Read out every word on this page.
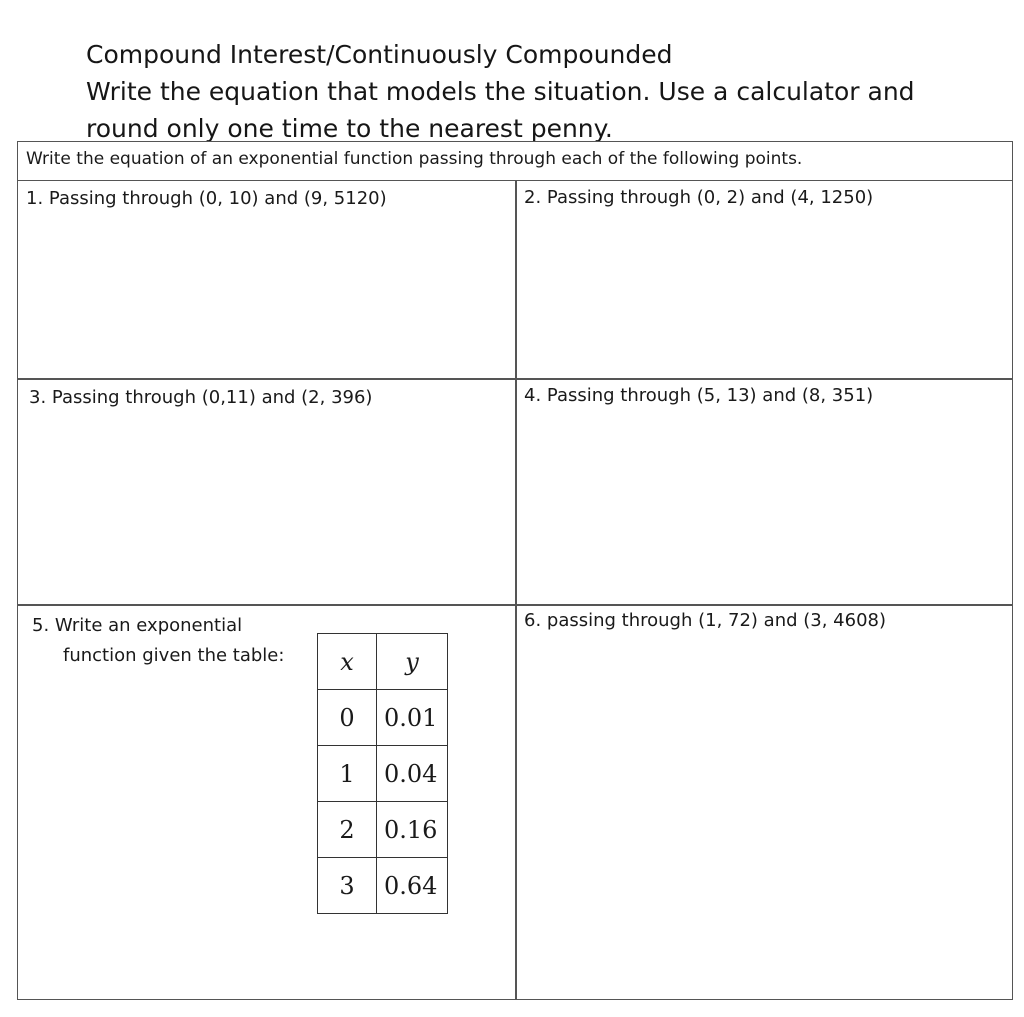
Compound Interest/Continuously Compounded
Write the equation that models the situation. Use a calculator and
round only one time to the nearest penny.
Write the equation of an exponential function passing through each of the following points.
1. Passing through (0, 10) and (9, 5120)	2. Passing through (0, 2) and (4, 1250)
3. Passing through (0,11) and (2, 396)	4. Passing through (5, 13) and (8, 351)
5. Write an exponential
function given the table: x	y
0	0.01
1	0.04
2	0.16
3	0.64
6. passing through (1, 72) and (3, 4608)
